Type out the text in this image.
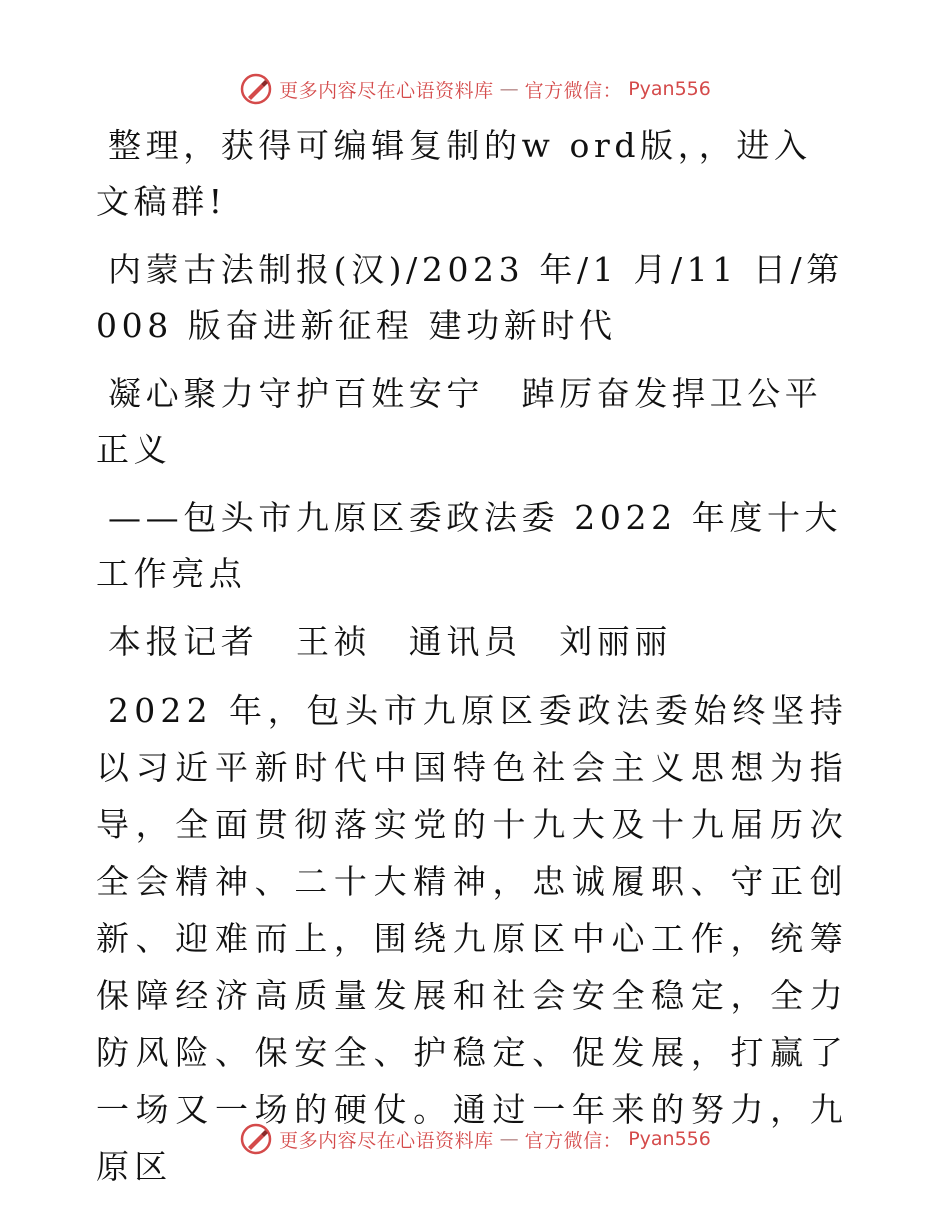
更多内容尽在心语资料库 — 官方微信： Pyan556

整理，获得可编辑复制的w ord版，，进入文稿群!

内蒙古法制报(汉)/2023 年/1 月/11 日/第 008 版奋进新征程 建功新时代

凝心聚力守护百姓安宁　踔厉奋发捍卫公平正义

——包头市九原区委政法委 2022 年度十大工作亮点

本报记者　王祯　通讯员　刘丽丽

2022 年，包头市九原区委政法委始终坚持以习近平新时代中国特色社会主义思想为指导，全面贯彻落实党的十九大及十九届历次全会精神、二十大精神，忠诚履职、守正创新、迎难而上，围绕九原区中心工作，统筹保障经济高质量发展和社会安全稳定，全力防风险、保安全、护稳定、促发展，打赢了一场又一场的硬仗。通过一年来的努力，九原区

更多内容尽在心语资料库 — 官方微信： Pyan556
